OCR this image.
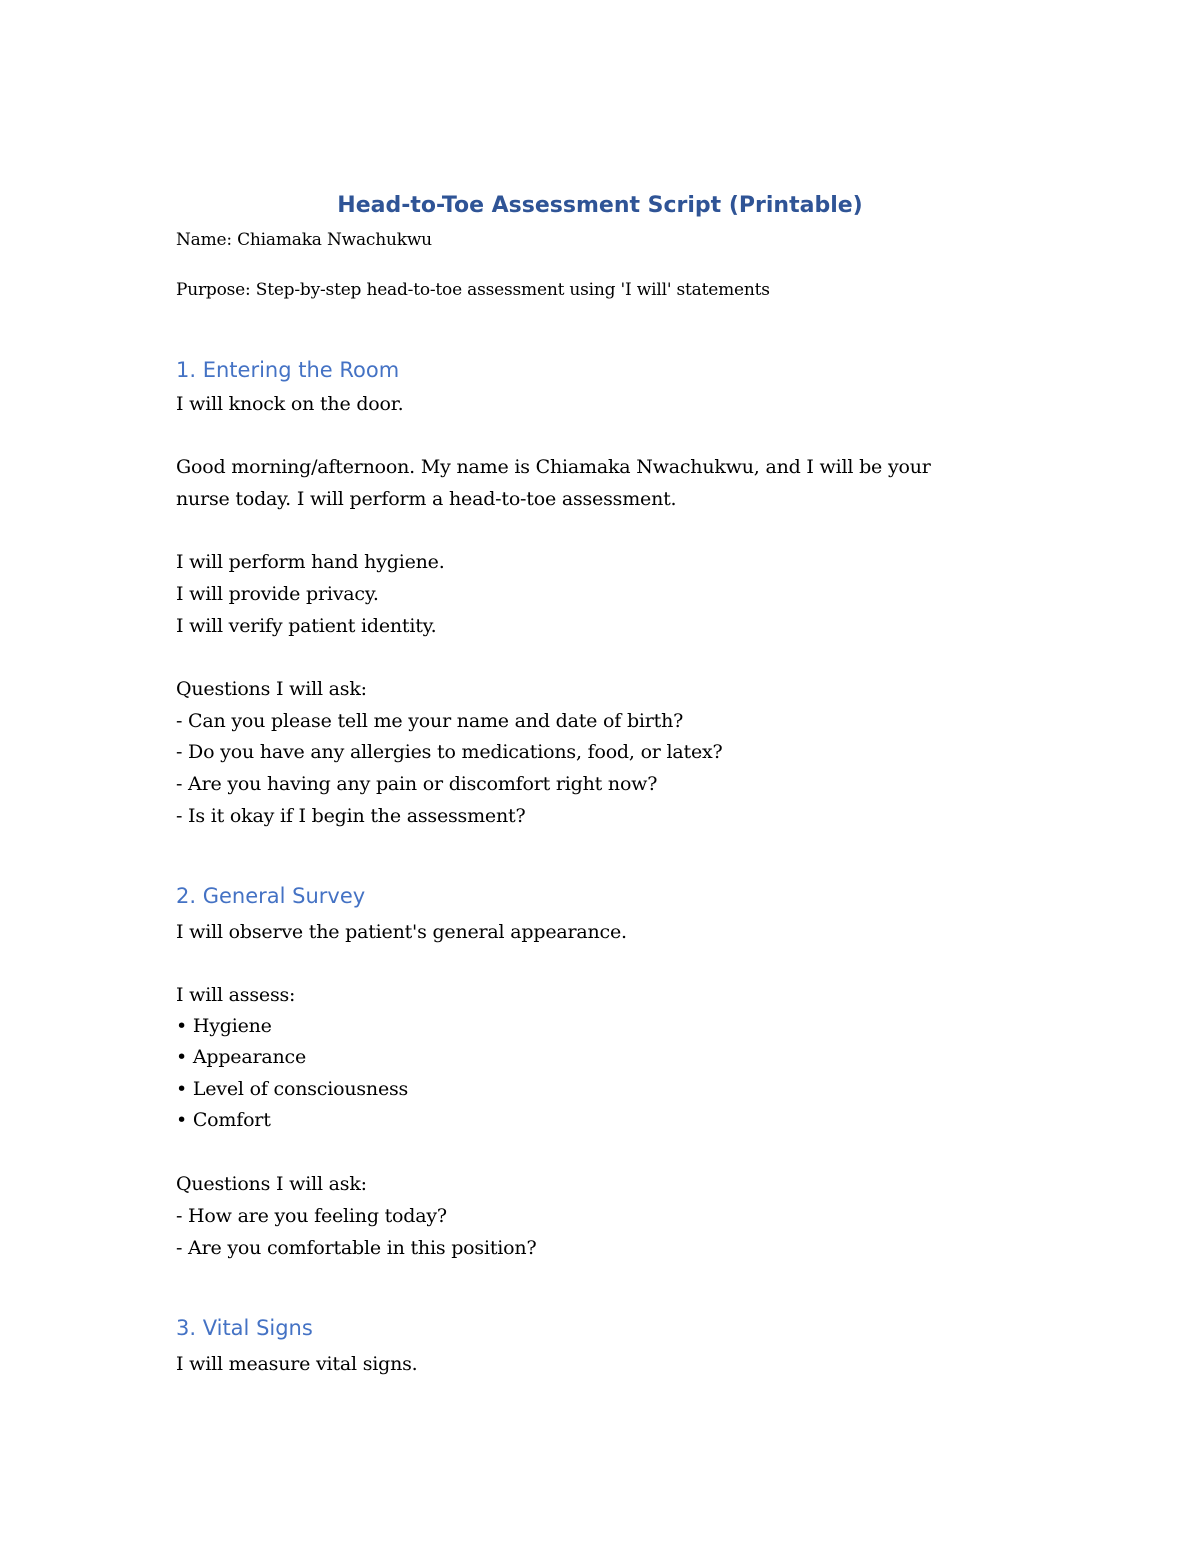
Head-to-Toe Assessment Script (Printable)
Name: Chiamaka Nwachukwu
Purpose: Step-by-step head-to-toe assessment using 'I will' statements
1. Entering the Room
I will knock on the door.
Good morning/afternoon. My name is Chiamaka Nwachukwu, and I will be your
nurse today. I will perform a head-to-toe assessment.
I will perform hand hygiene.
I will provide privacy.
I will verify patient identity.
Questions I will ask:
- Can you please tell me your name and date of birth?
- Do you have any allergies to medications, food, or latex?
- Are you having any pain or discomfort right now?
- Is it okay if I begin the assessment?
2. General Survey
I will observe the patient's general appearance.
I will assess:
• Hygiene
• Appearance
• Level of consciousness
• Comfort
Questions I will ask:
- How are you feeling today?
- Are you comfortable in this position?
3. Vital Signs
I will measure vital signs.
